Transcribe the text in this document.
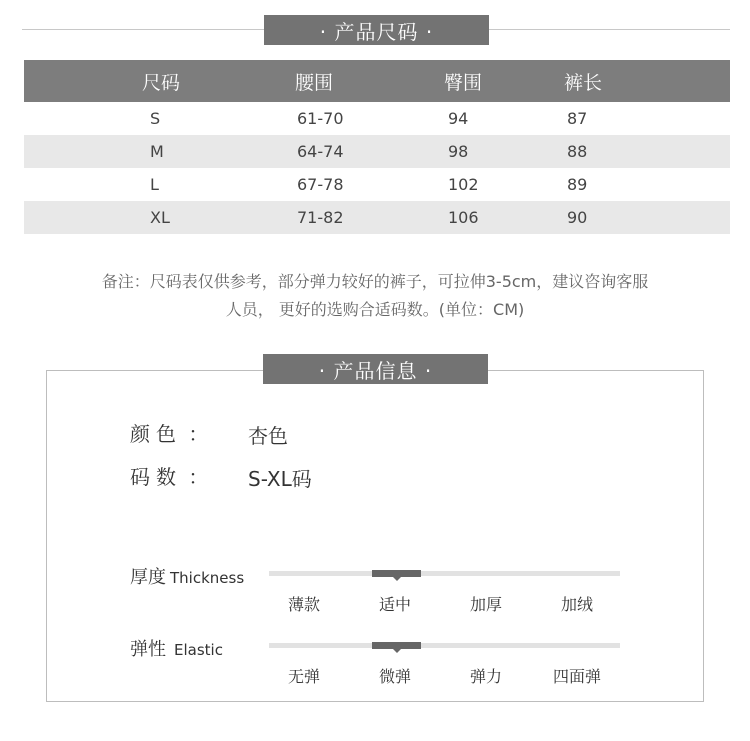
· 产品尺码 ·
尺码	腰围	臀围	裤长
S	61-70	94	87
M	64-74	98	88
L	67-78	102	89
XL	71-82	106	90
备注：尺码表仅供参考，部分弹力较好的裤子，可拉伸3-5cm，建议咨询客服
人员， 更好的选购合适码数。(单位：CM)
· 产品信息 ·
颜色 ： 杏色
码数 ： S-XL码
厚度 Thickness
薄款	适中	加厚	加绒
弹性 Elastic
无弹	微弹	弹力	四面弹
